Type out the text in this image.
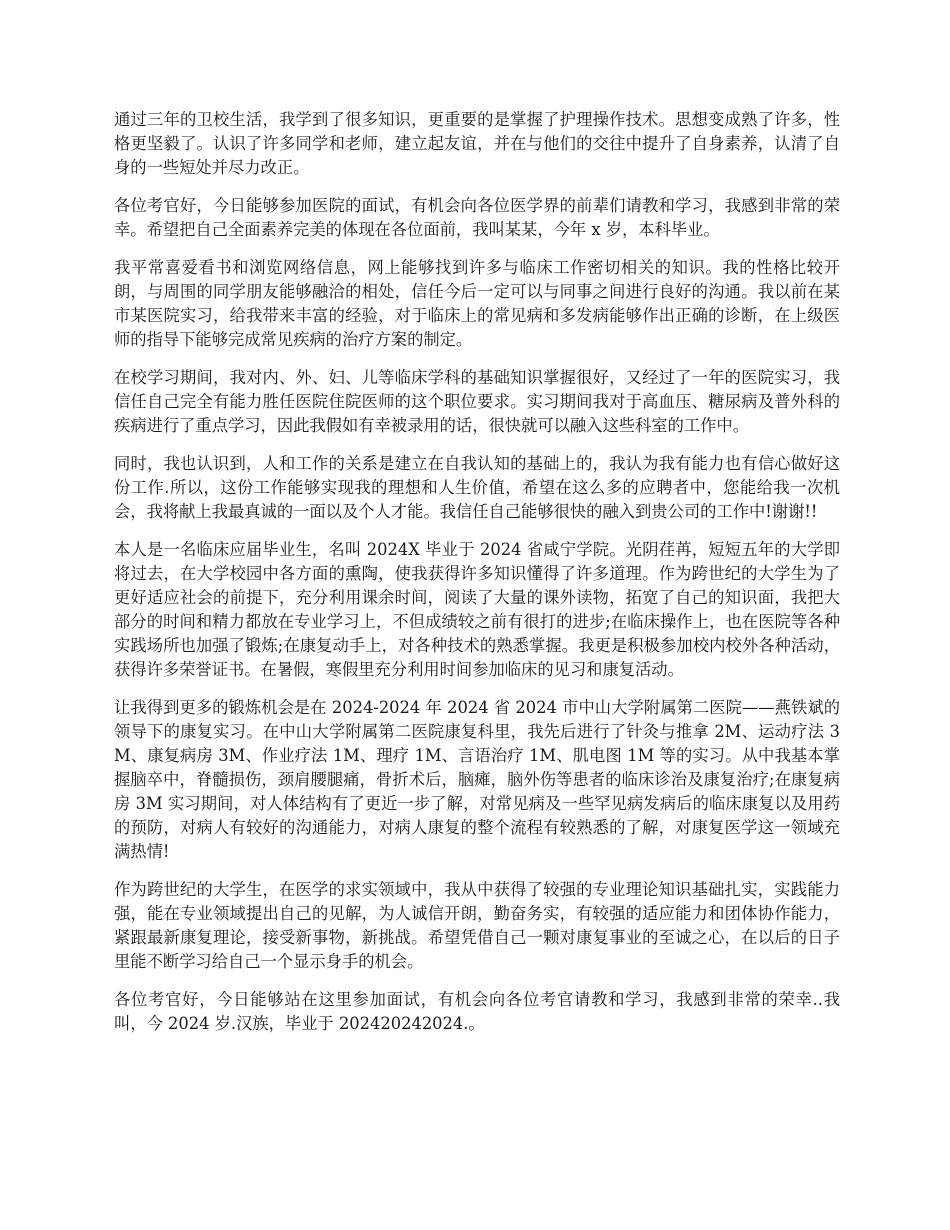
通过三年的卫校生活，我学到了很多知识，更重要的是掌握了护理操作技术。思想变成熟了许多，性格更坚毅了。认识了许多同学和老师，建立起友谊，并在与他们的交往中提升了自身素养，认清了自身的一些短处并尽力改正。

各位考官好，今日能够参加医院的面试，有机会向各位医学界的前辈们请教和学习，我感到非常的荣幸。希望把自己全面素养完美的体现在各位面前，我叫某某，今年 x 岁，本科毕业。

我平常喜爱看书和浏览网络信息，网上能够找到许多与临床工作密切相关的知识。我的性格比较开朗，与周围的同学朋友能够融洽的相处，信任今后一定可以与同事之间进行良好的沟通。我以前在某市某医院实习，给我带来丰富的经验，对于临床上的常见病和多发病能够作出正确的诊断，在上级医师的指导下能够完成常见疾病的治疗方案的制定。

在校学习期间，我对内、外、妇、儿等临床学科的基础知识掌握很好，又经过了一年的医院实习，我信任自己完全有能力胜任医院住院医师的这个职位要求。实习期间我对于高血压、糖尿病及普外科的疾病进行了重点学习，因此我假如有幸被录用的话，很快就可以融入这些科室的工作中。

同时，我也认识到，人和工作的关系是建立在自我认知的基础上的，我认为我有能力也有信心做好这份工作.所以，这份工作能够实现我的理想和人生价值，希望在这么多的应聘者中，您能给我一次机会，我将献上我最真诚的一面以及个人才能。我信任自己能够很快的融入到贵公司的工作中!谢谢!!

本人是一名临床应届毕业生，名叫 2024X 毕业于 2024 省咸宁学院。光阴荏苒，短短五年的大学即将过去，在大学校园中各方面的熏陶，使我获得许多知识懂得了许多道理。作为跨世纪的大学生为了更好适应社会的前提下，充分利用课余时间，阅读了大量的课外读物，拓宽了自己的知识面，我把大部分的时间和精力都放在专业学习上，不但成绩较之前有很打的进步;在临床操作上，也在医院等各种实践场所也加强了锻炼;在康复动手上，对各种技术的熟悉掌握。我更是积极参加校内校外各种活动，获得许多荣誉证书。在暑假，寒假里充分利用时间参加临床的见习和康复活动。

让我得到更多的锻炼机会是在 2024-2024 年 2024 省 2024 市中山大学附属第二医院——燕铁斌的领导下的康复实习。在中山大学附属第二医院康复科里，我先后进行了针灸与推拿 2M、运动疗法 3M、康复病房 3M、作业疗法 1M、理疗 1M、言语治疗 1M、肌电图 1M 等的实习。从中我基本掌握脑卒中，脊髓损伤，颈肩腰腿痛，骨折术后，脑瘫，脑外伤等患者的临床诊治及康复治疗;在康复病房 3M 实习期间，对人体结构有了更近一步了解，对常见病及一些罕见病发病后的临床康复以及用药的预防，对病人有较好的沟通能力，对病人康复的整个流程有较熟悉的了解，对康复医学这一领域充满热情!

作为跨世纪的大学生，在医学的求实领域中，我从中获得了较强的专业理论知识基础扎实，实践能力强，能在专业领域提出自己的见解，为人诚信开朗，勤奋务实，有较强的适应能力和团体协作能力，紧跟最新康复理论，接受新事物，新挑战。希望凭借自己一颗对康复事业的至诚之心，在以后的日子里能不断学习给自己一个显示身手的机会。

各位考官好，今日能够站在这里参加面试，有机会向各位考官请教和学习，我感到非常的荣幸..我叫，今 2024 岁.汉族，毕业于 202420242024.。
